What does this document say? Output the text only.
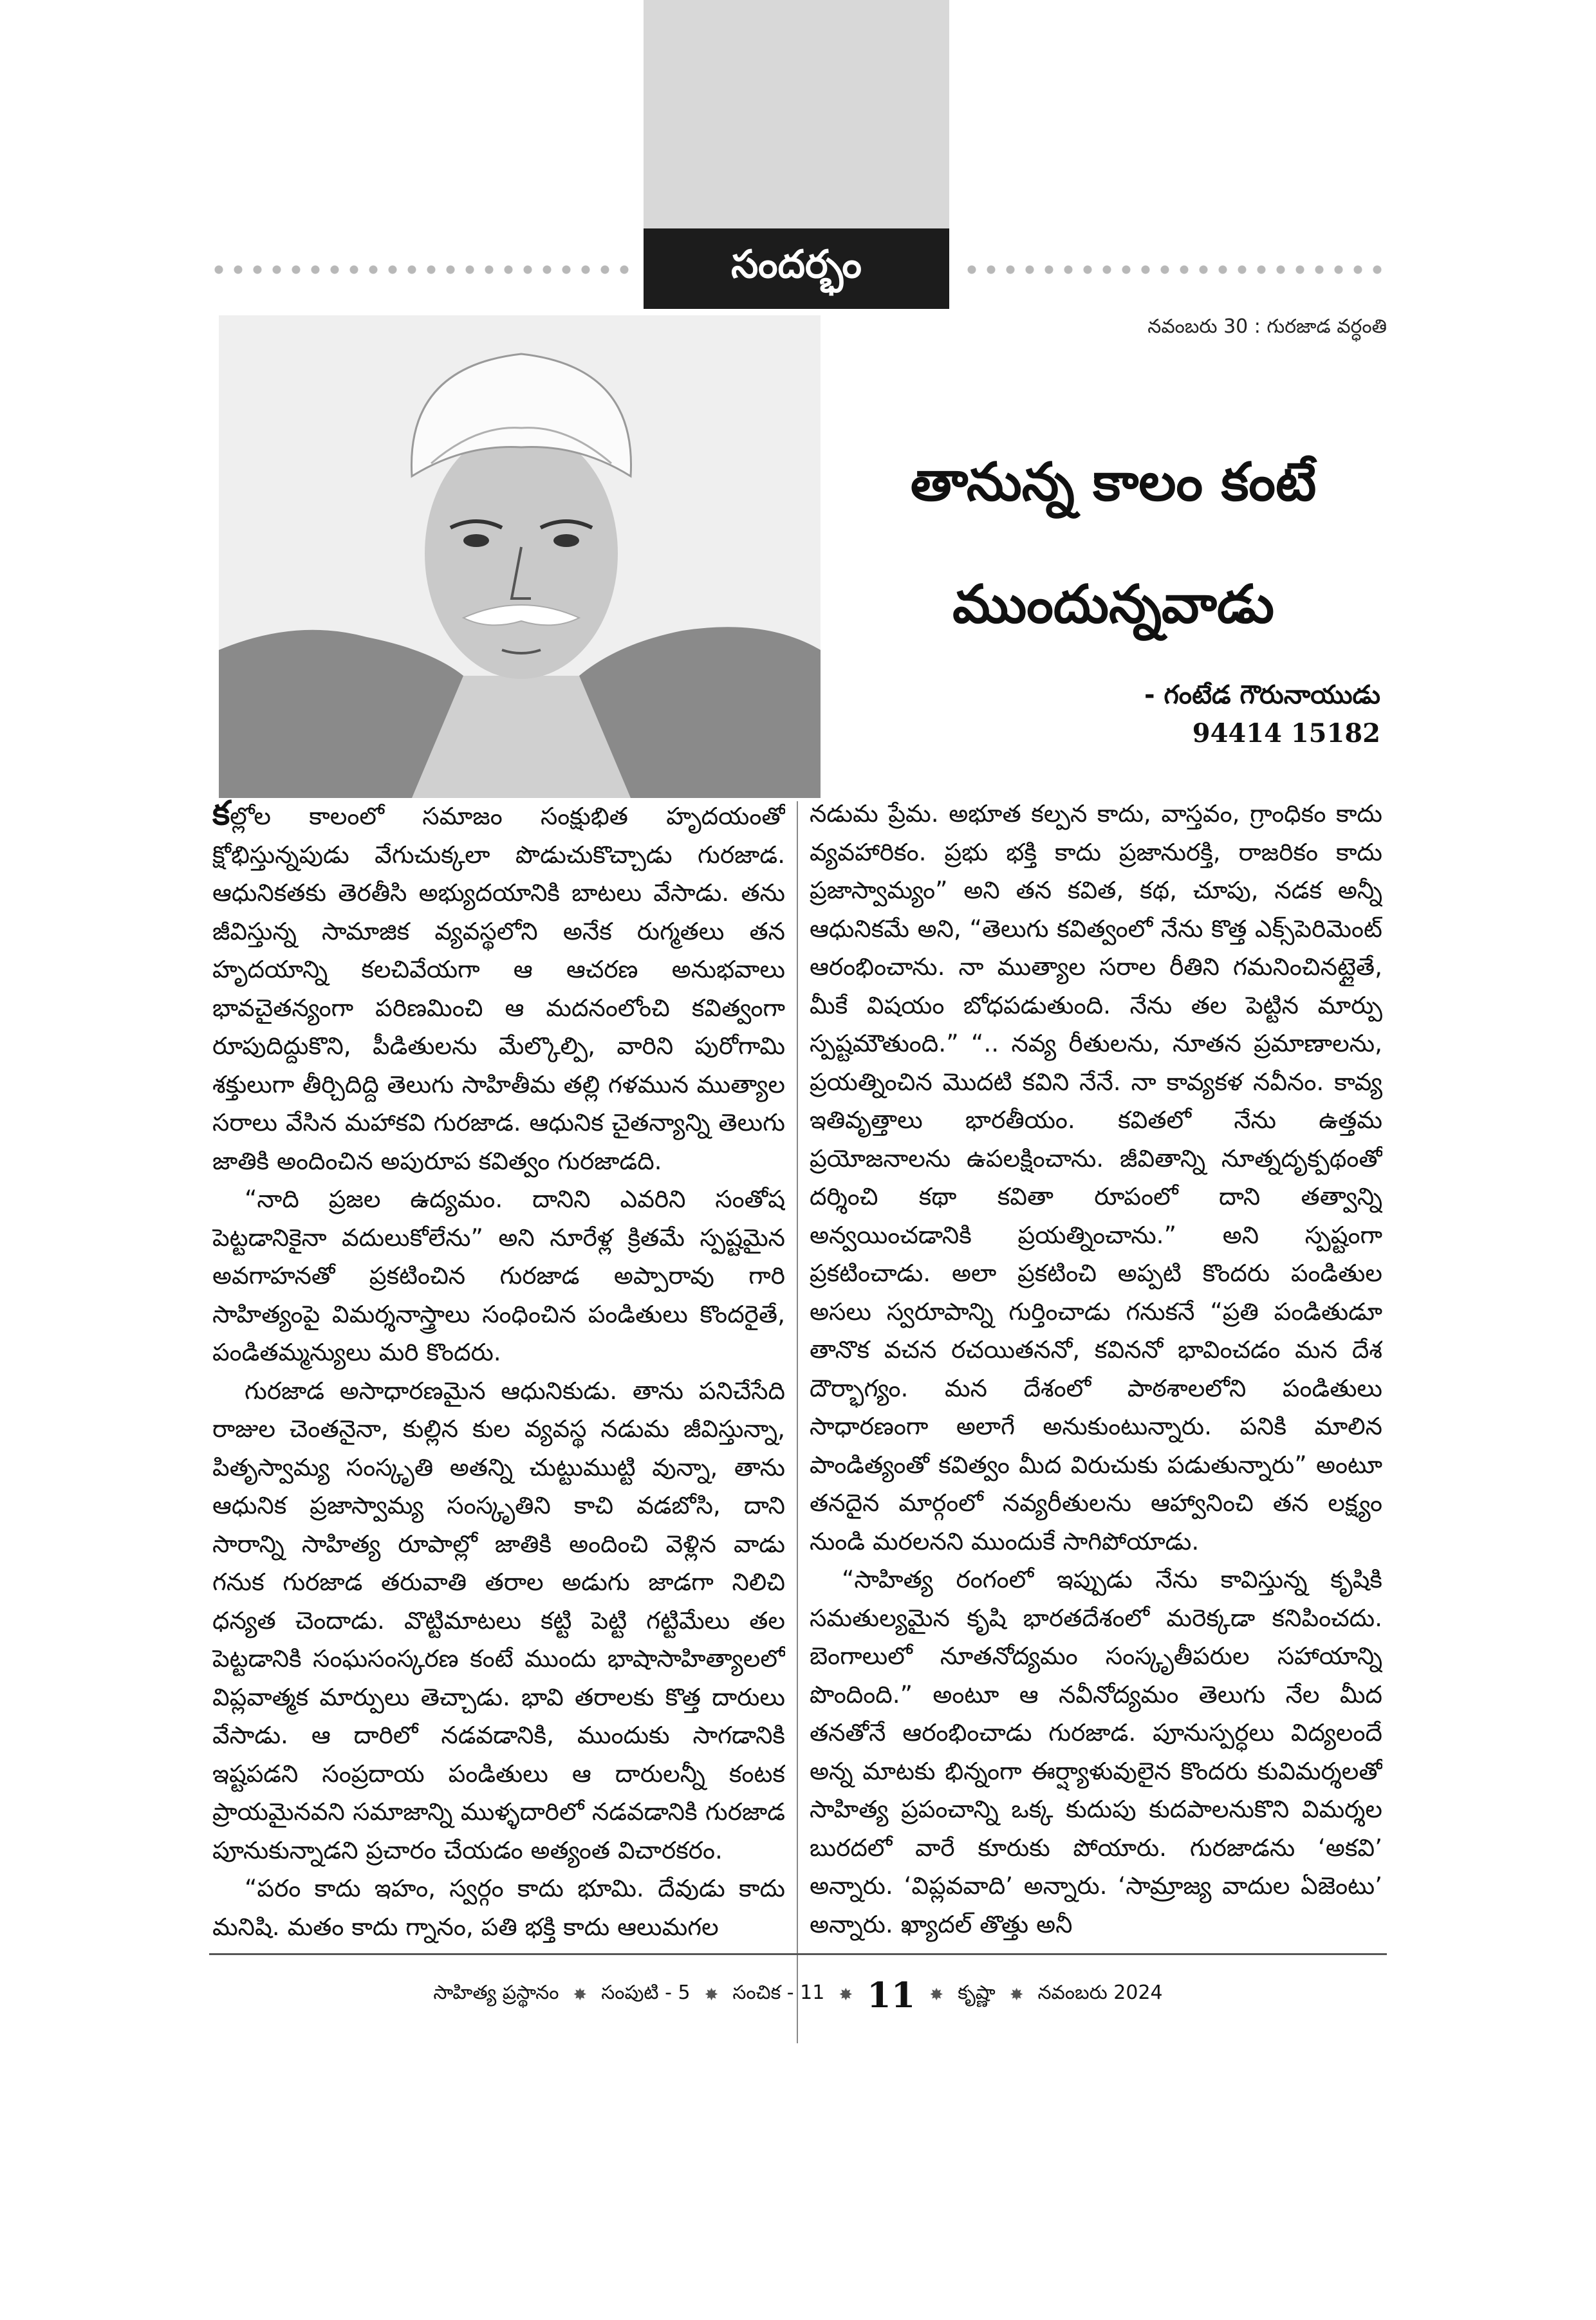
సందర్భం
నవంబరు 30 : గురజాడ వర్ధంతి
తానున్న కాలం కంటే
ముందున్నవాడు
- గంటేడ గౌరునాయుడు
94414 15182

కల్లోల కాలంలో సమాజం సంక్షుభిత హృదయంతో క్షోభిస్తున్నపుడు వేగుచుక్కలా పొడుచుకొచ్చాడు గురజాడ. ఆధునికతకు తెరతీసి అభ్యుదయానికి బాటలు వేసాడు. తను జీవిస్తున్న సామాజిక వ్యవస్థలోని అనేక రుగ్మతలు తన హృదయాన్ని కలచివేయగా ఆ ఆచరణ అనుభవాలు భావచైతన్యంగా పరిణమించి ఆ మదనంలోంచి కవిత్వంగా రూపుదిద్దుకొని, పీడితులను మేల్కొల్పి, వారిని పురోగామి శక్తులుగా తీర్చిదిద్ది తెలుగు సాహితీమ తల్లి గళమున ముత్యాల సరాలు వేసిన మహాకవి గురజాడ. ఆధునిక చైతన్యాన్ని తెలుగు జాతికి అందించిన అపురూప కవిత్వం గురజాడది.

“నాది ప్రజల ఉద్యమం. దానిని ఎవరిని సంతోష పెట్టడానికైనా వదులుకోలేను” అని నూరేళ్ల క్రితమే స్పష్టమైన అవగాహనతో ప్రకటించిన గురజాడ అప్పారావు గారి సాహిత్యంపై విమర్శనాస్త్రాలు సంధించిన పండితులు కొందరైతే, పండితమ్మన్యులు మరి కొందరు.

గురజాడ అసాధారణమైన ఆధునికుడు. తాను పనిచేసేది రాజుల చెంతనైనా, కుల్లిన కుల వ్యవస్థ నడుమ జీవిస్తున్నా, పితృస్వామ్య సంస్కృతి అతన్ని చుట్టుముట్టి వున్నా, తాను ఆధునిక ప్రజాస్వామ్య సంస్కృతిని కాచి వడబోసి, దాని సారాన్ని సాహిత్య రూపాల్లో జాతికి అందించి వెళ్లిన వాడు గనుక గురజాడ తరువాతి తరాల అడుగు జాడగా నిలిచి ధన్యత చెందాడు. వొట్టిమాటలు కట్టి పెట్టి గట్టిమేలు తల పెట్టడానికి సంఘసంస్కరణ కంటే ముందు భాషాసాహిత్యాలలో విప్లవాత్మక మార్పులు తెచ్చాడు. భావి తరాలకు కొత్త దారులు వేసాడు. ఆ దారిలో నడవడానికి, ముందుకు సాగడానికి ఇష్టపడని సంప్రదాయ పండితులు ఆ దారులన్నీ కంటక ప్రాయమైనవని సమాజాన్ని ముళ్ళదారిలో నడవడానికి గురజాడ పూనుకున్నాడని ప్రచారం చేయడం అత్యంత విచారకరం.

“పరం కాదు ఇహం, స్వర్గం కాదు భూమి. దేవుడు కాదు మనిషి. మతం కాదు గ్నానం, పతి భక్తి కాదు ఆలుమగల

నడుమ ప్రేమ. అభూత కల్పన కాదు, వాస్తవం, గ్రాంధికం కాదు వ్యవహారికం. ప్రభు భక్తి కాదు ప్రజానురక్తి, రాజరికం కాదు ప్రజాస్వామ్యం” అని తన కవిత, కథ, చూపు, నడక అన్నీ ఆధునికమే అని, “తెలుగు కవిత్వంలో నేను కొత్త ఎక్స్‌పెరిమెంట్ ఆరంభించాను. నా ముత్యాల సరాల రీతిని గమనించినట్లైతే, మీకే విషయం బోధపడుతుంది. నేను తల పెట్టిన మార్పు స్పష్టమౌతుంది.” “.. నవ్య రీతులను, నూతన ప్రమాణాలను, ప్రయత్నించిన మొదటి కవిని నేనే. నా కావ్యకళ నవీనం. కావ్య ఇతివృత్తాలు భారతీయం. కవితలో నేను ఉత్తమ ప్రయోజనాలను ఉపలక్షించాను. జీవితాన్ని నూత్నదృక్పథంతో దర్శించి కథా కవితా రూపంలో దాని తత్వాన్ని అన్వయించడానికి ప్రయత్నించాను.” అని స్పష్టంగా ప్రకటించాడు. అలా ప్రకటించి అప్పటి కొందరు పండితుల అసలు స్వరూపాన్ని గుర్తించాడు గనుకనే “ప్రతి పండితుడూ తానొక వచన రచయితననో, కవిననో భావించడం మన దేశ దౌర్భాగ్యం. మన దేశంలో పాఠశాలలోని పండితులు సాధారణంగా అలాగే అనుకుంటున్నారు. పనికి మాలిన పాండిత్యంతో కవిత్వం మీద విరుచుకు పడుతున్నారు” అంటూ తనదైన మార్గంలో నవ్యరీతులను ఆహ్వానించి తన లక్ష్యం నుండి మరలనని ముందుకే సాగిపోయాడు.

“సాహిత్య రంగంలో ఇప్పుడు నేను కావిస్తున్న కృషికి సమతుల్యమైన కృషి భారతదేశంలో మరెక్కడా కనిపించదు. బెంగాలులో నూతనోద్యమం సంస్కృతీపరుల సహాయాన్ని పొందింది.” అంటూ ఆ నవీనోద్యమం తెలుగు నేల మీద తనతోనే ఆరంభించాడు గురజాడ. పూనుస్పర్ధలు విద్యలందే అన్న మాటకు భిన్నంగా ఈర్ష్యాళువులైన కొందరు కువిమర్శలతో సాహిత్య ప్రపంచాన్ని ఒక్క కుదుపు కుదపాలనుకొని విమర్శల బురదలో వారే కూరుకు పోయారు. గురజాడను ‘అకవి’ అన్నారు. ‘విప్లవవాది’ అన్నారు. ‘సామ్రాజ్య వాదుల ఏజెంటు’ అన్నారు. ఖ్యాదల్ తొత్తు అనీ

సాహిత్య ప్రస్థానం ✸ సంపుటి - 5 ✸ సంచిక - 11 ✸ 11 ✸ కృష్ణా ✸ నవంబరు 2024
